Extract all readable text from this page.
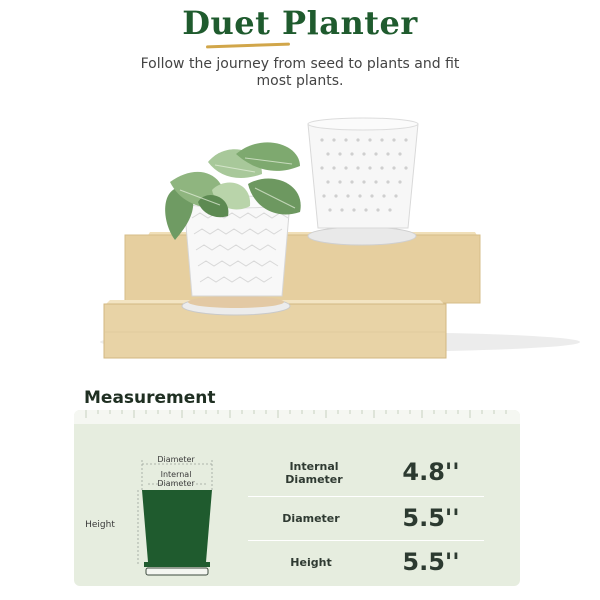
Duet Planter
Follow the journey from seed to plants and fit most plants.
Measurement
Diameter
Internal Diameter
Height
Internal Diameter	4.8''
Diameter	5.5''
Height	5.5''
